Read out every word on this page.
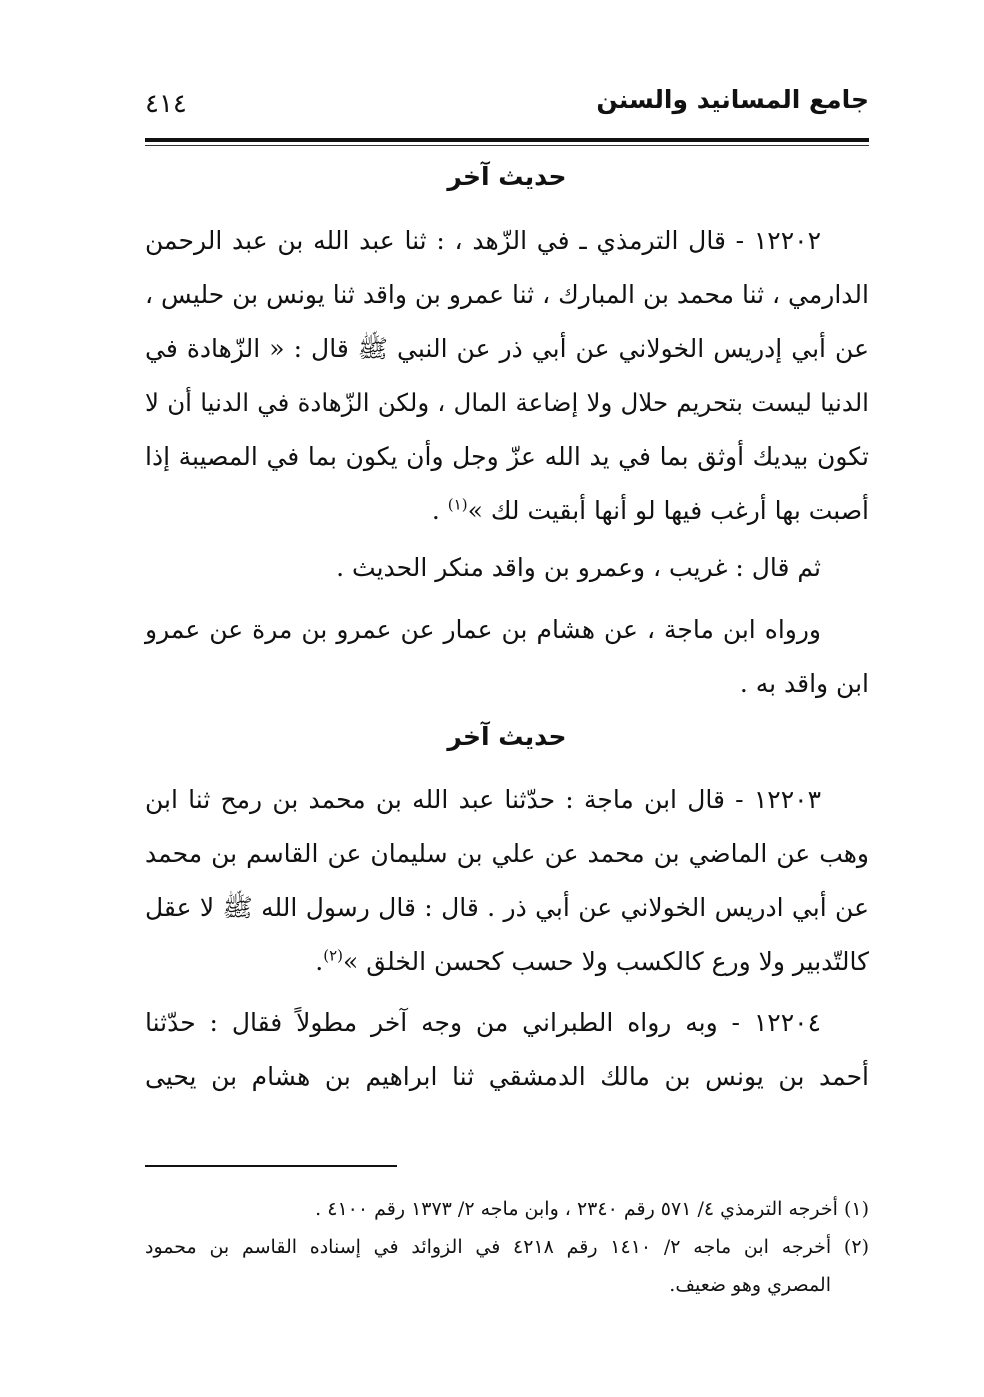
جامع المسانيد والسنن
٤١٤
حديث آخر
١٢٢٠٢ - قال الترمذي ـ في الزّهد ، : ثنا عبد الله بن عبد الرحمن
الدارمي ، ثنا محمد بن المبارك ، ثنا عمرو بن واقد ثنا يونس بن حليس ،
عن أبي إدريس الخولاني عن أبي ذر عن النبي ﷺ قال : « الزّهادة في
الدنيا ليست بتحريم حلال ولا إضاعة المال ، ولكن الزّهادة في الدنيا أن لا
تكون بيديك أوثق بما في يد الله عزّ وجل وأن يكون بما في المصيبة إذا
أصبت بها أرغب فيها لو أنها أبقيت لك »$^{(١)}$ .
ثم قال : غريب ، وعمرو بن واقد منكر الحديث .
ورواه ابن ماجة ، عن هشام بن عمار عن عمرو بن مرة عن عمرو
ابن واقد به .
حديث آخر
١٢٢٠٣ - قال ابن ماجة : حدّثنا عبد الله بن محمد بن رمح ثنا ابن
وهب عن الماضي بن محمد عن علي بن سليمان عن القاسم بن محمد
عن أبي ادريس الخولاني عن أبي ذر . قال : قال رسول الله ﷺ لا عقل
كالتّدبير ولا ورع كالكسب ولا حسب كحسن الخلق »$^{(٢)}$.
١٢٢٠٤ - وبه رواه الطبراني من وجه آخر مطولاً فقال : حدّثنا
أحمد بن يونس بن مالك الدمشقي ثنا ابراهيم بن هشام بن يحيى
(١) أخرجه الترمذي ٤/ ٥٧١ رقم ٢٣٤٠ ، وابن ماجه ٢/ ١٣٧٣ رقم ٤١٠٠ .
(٢) أخرجه ابن ماجه ٢/ ١٤١٠ رقم ٤٢١٨ في الزوائد في إسناده القاسم بن محمود
المصري وهو ضعيف.
